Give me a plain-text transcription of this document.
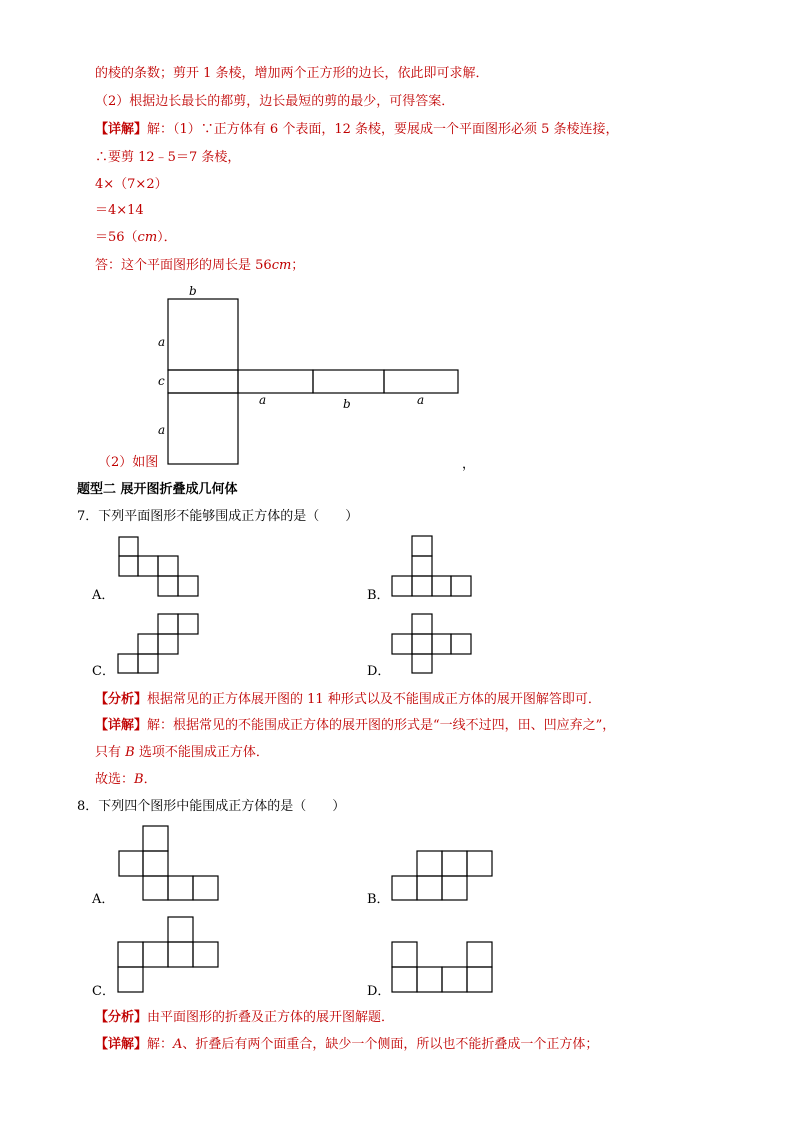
的棱的条数；剪开 1 条棱，增加两个正方形的边长，依此即可求解．
（2）根据边长最长的都剪，边长最短的剪的最少，可得答案．
【详解】解：（1）∵正方体有 6 个表面，12 条棱，要展成一个平面图形必须 5 条棱连接，
∴要剪 12﹣5＝7 条棱，
4×（7×2）
＝4×14
＝56（cm）．
答：这个平面图形的周长是 56cm；
b
a
c
a
a	b	a
（2）如图	，
题型二 展开图折叠成几何体
7．下列平面图形不能够围成正方体的是（　　）
A．	B．
C．	D．
【分析】根据常见的正方体展开图的 11 种形式以及不能围成正方体的展开图解答即可．
【详解】解：根据常见的不能围成正方体的展开图的形式是“一线不过四，田、凹应弃之”，
只有 B 选项不能围成正方体．
故选：B．
8．下列四个图形中能围成正方体的是（　　）
A．	B．
C．	D．
【分析】由平面图形的折叠及正方体的展开图解题．
【详解】解：A、折叠后有两个面重合，缺少一个侧面，所以也不能折叠成一个正方体；
